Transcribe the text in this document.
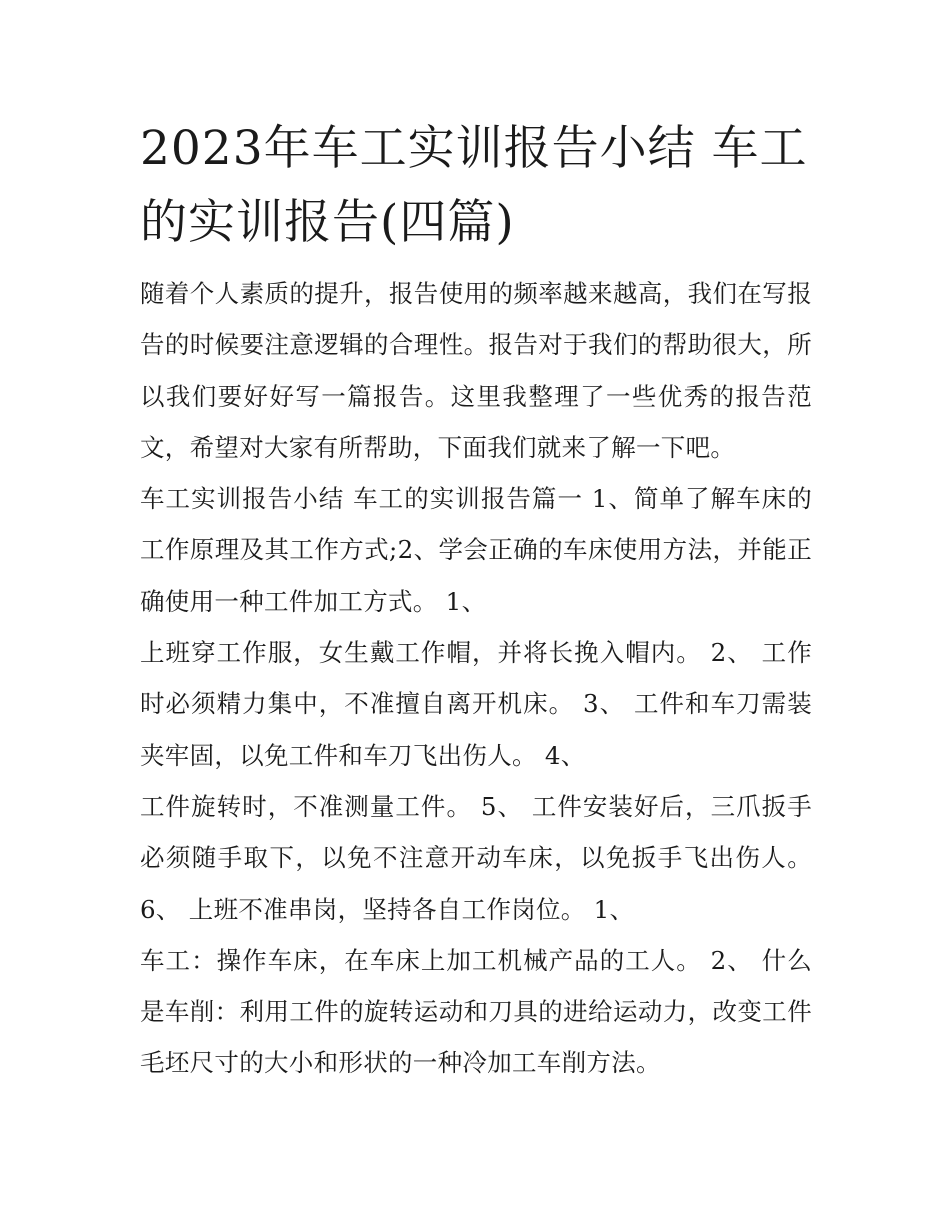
2023年车工实训报告小结 车工的实训报告(四篇)

随着个人素质的提升，报告使用的频率越来越高，我们在写报告的时候要注意逻辑的合理性。报告对于我们的帮助很大，所以我们要好好写一篇报告。这里我整理了一些优秀的报告范文，希望对大家有所帮助，下面我们就来了解一下吧。

车工实训报告小结 车工的实训报告篇一 1、简单了解车床的工作原理及其工作方式;2、学会正确的车床使用方法，并能正确使用一种工件加工方式。 1、

上班穿工作服，女生戴工作帽，并将长挽入帽内。 2、 工作时必须精力集中，不准擅自离开机床。 3、 工件和车刀需装夹牢固，以免工件和车刀飞出伤人。 4、

工件旋转时，不准测量工件。 5、 工件安装好后，三爪扳手必须随手取下，以免不注意开动车床，以免扳手飞出伤人。 6、 上班不准串岗，坚持各自工作岗位。 1、

车工：操作车床，在车床上加工机械产品的工人。 2、 什么是车削：利用工件的旋转运动和刀具的进给运动力，改变工件毛坯尺寸的大小和形状的一种冷加工车削方法。
